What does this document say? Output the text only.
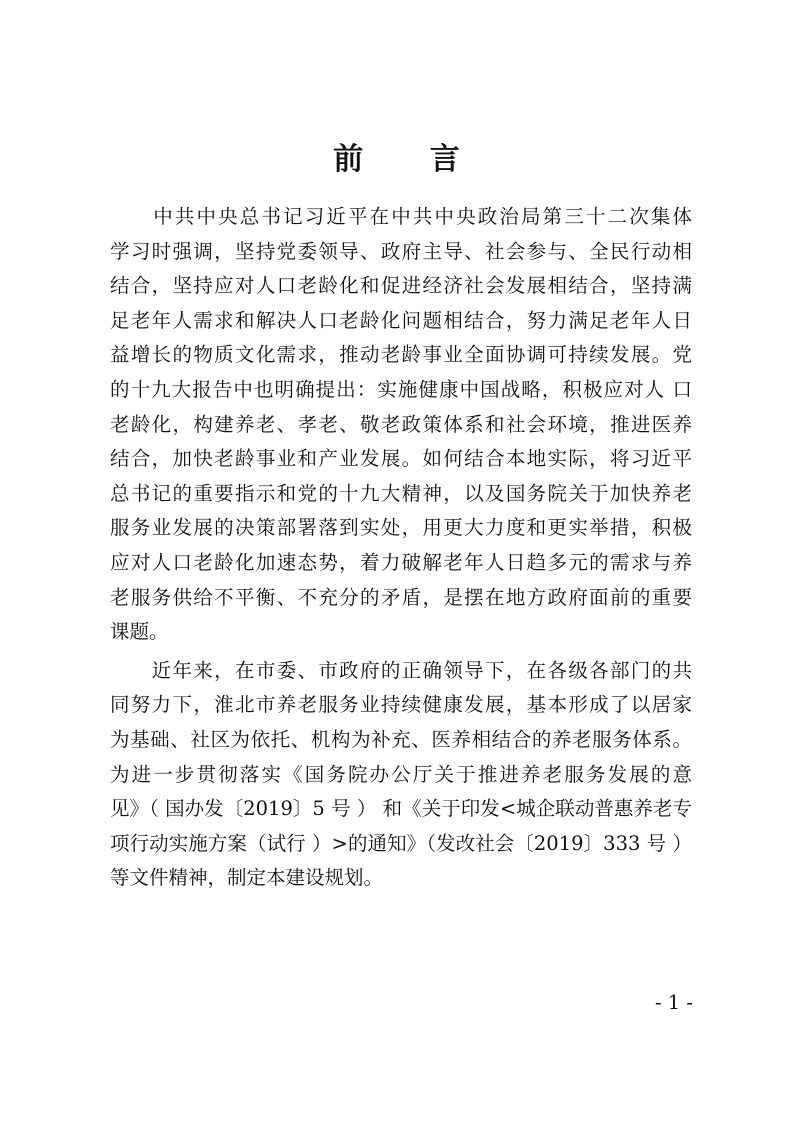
前 言
　　中共中央总书记习近平在中共中央政治局第三十二次集体
学习时强调，坚持党委领导、政府主导、社会参与、全民行动相
结合，坚持应对人口老龄化和促进经济社会发展相结合，坚持满
足老年人需求和解决人口老龄化问题相结合，努力满足老年人日
益增长的物质文化需求，推动老龄事业全面协调可持续发展。党
的十九大报告中也明确提出：实施健康中国战略，积极应对人 口
老龄化，构建养老、孝老、敬老政策体系和社会环境，推进医养
结合，加快老龄事业和产业发展。如何结合本地实际，将习近平
总书记的重要指示和党的十九大精神，以及国务院关于加快养老
服务业发展的决策部署落到实处，用更大力度和更实举措，积极
应对人口老龄化加速态势，着力破解老年人日趋多元的需求与养
老服务供给不平衡、不充分的矛盾，是摆在地方政府面前的重要
课题。
　　近年来，在市委、市政府的正确领导下，在各级各部门的共
同努力下，淮北市养老服务业持续健康发展，基本形成了以居家
为基础、社区为依托、机构为补充、医养相结合的养老服务体系。
为进一步贯彻落实《国务院办公厅关于推进养老服务发展的意
见》（ 国办发〔2019〕5 号 ） 和《关于印发<城企联动普惠养老专
项行动实施方案（试行 ）>的通知》（发改社会〔2019〕333 号 ）
等文件精神，制定本建设规划。
- 1 -
